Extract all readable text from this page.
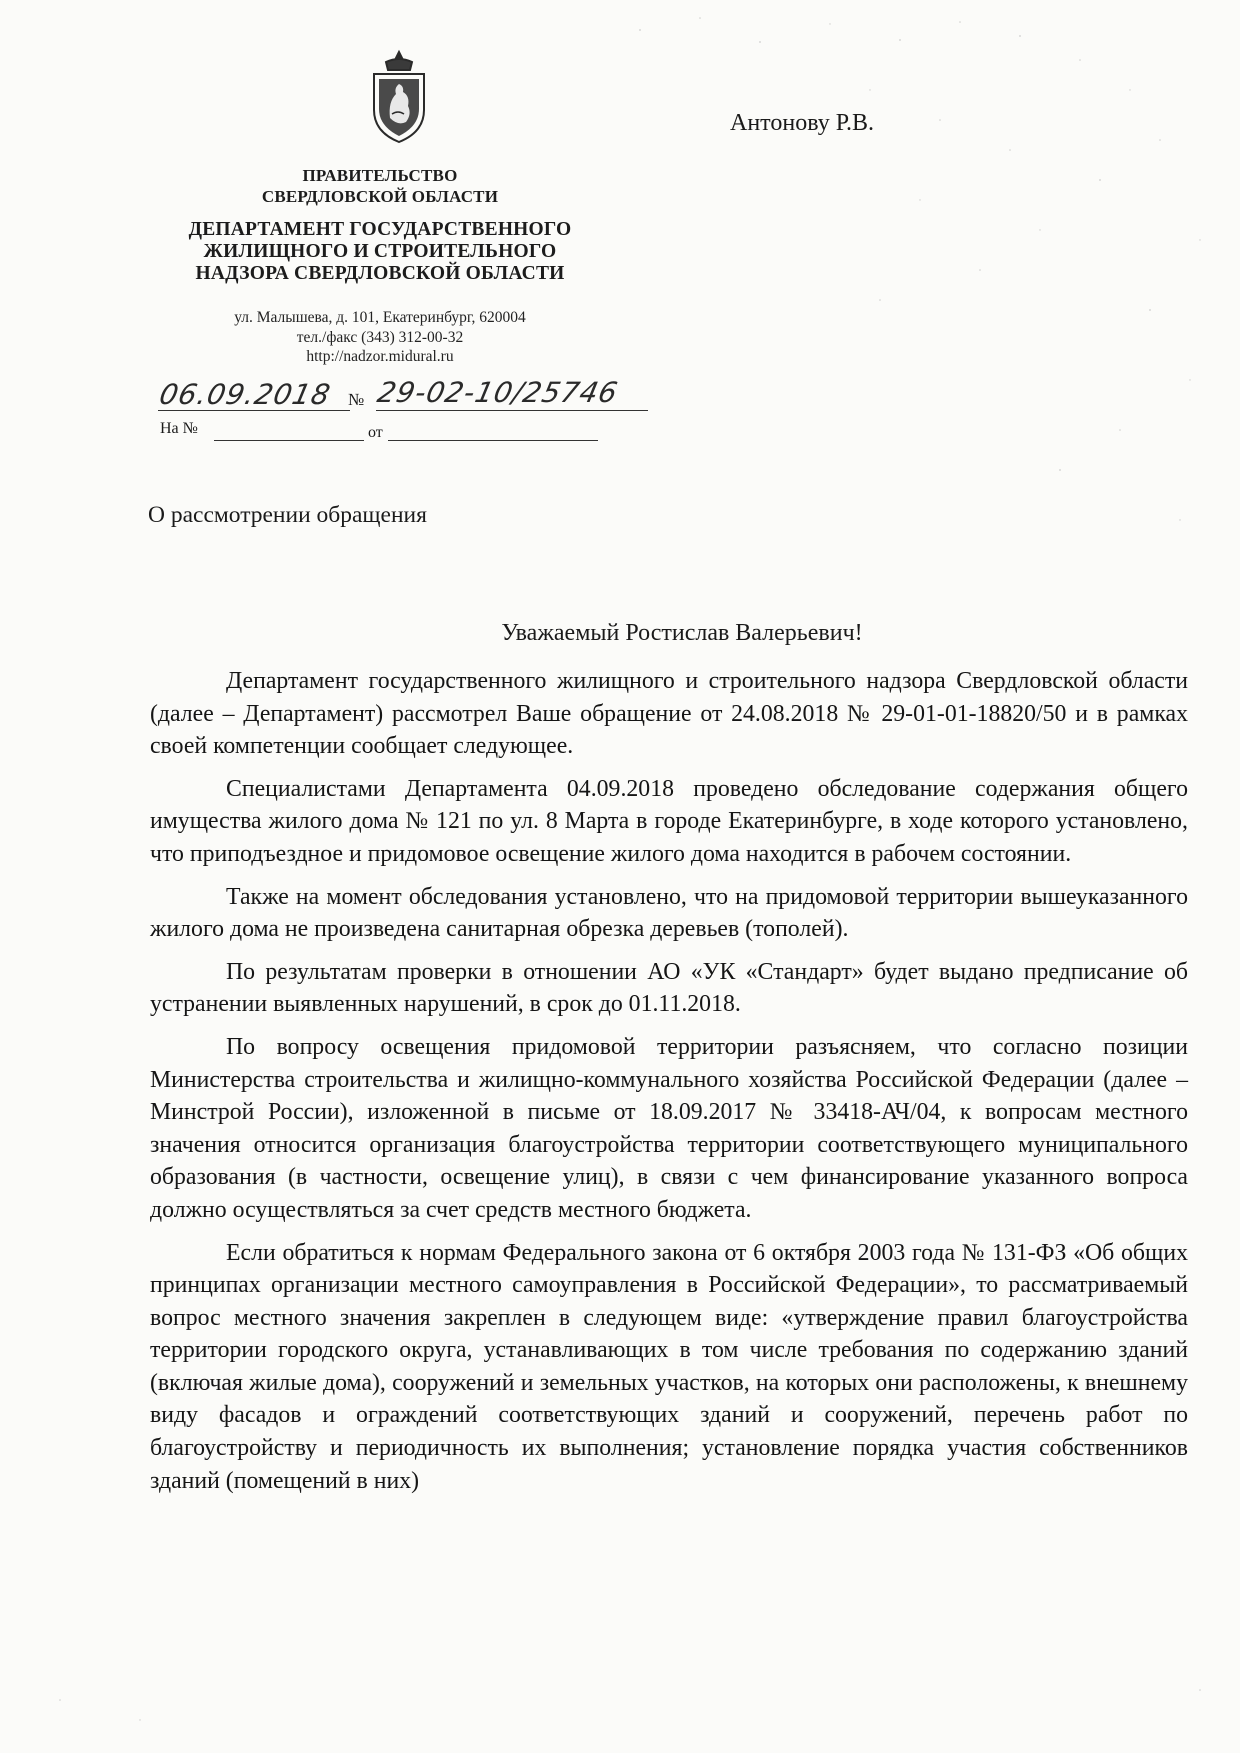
ПРАВИТЕЛЬСТВО
СВЕРДЛОВСКОЙ ОБЛАСТИ
ДЕПАРТАМЕНТ ГОСУДАРСТВЕННОГО
ЖИЛИЩНОГО И СТРОИТЕЛЬНОГО
НАДЗОРА СВЕРДЛОВСКОЙ ОБЛАСТИ
ул. Малышева, д. 101, Екатеринбург, 620004
тел./факс (343) 312-00-32
http://nadzor.midural.ru
06.09.2018 № 29-02-10/25746
На №	от
Антонову Р.В.
О рассмотрении обращения
Уважаемый Ростислав Валерьевич!

Департамент государственного жилищного и строительного надзора Свердловской области (далее – Департамент) рассмотрел Ваше обращение от 24.08.2018 № 29-01-01-18820/50 и в рамках своей компетенции сообщает следующее.

Специалистами Департамента 04.09.2018 проведено обследование содержания общего имущества жилого дома № 121 по ул. 8 Марта в городе Екатеринбурге, в ходе которого установлено, что приподъездное и придомовое освещение жилого дома находится в рабочем состоянии.

Также на момент обследования установлено, что на придомовой территории вышеуказанного жилого дома не произведена санитарная обрезка деревьев (тополей).

По результатам проверки в отношении АО «УК «Стандарт» будет выдано предписание об устранении выявленных нарушений, в срок до 01.11.2018.

По вопросу освещения придомовой территории разъясняем, что согласно позиции Министерства строительства и жилищно-коммунального хозяйства Российской Федерации (далее – Минстрой России), изложенной в письме от 18.09.2017 № 33418-АЧ/04, к вопросам местного значения относится организация благоустройства территории соответствующего муниципального образования (в частности, освещение улиц), в связи с чем финансирование указанного вопроса должно осуществляться за счет средств местного бюджета.

Если обратиться к нормам Федерального закона от 6 октября 2003 года № 131-ФЗ «Об общих принципах организации местного самоуправления в Российской Федерации», то рассматриваемый вопрос местного значения закреплен в следующем виде: «утверждение правил благоустройства территории городского округа, устанавливающих в том числе требования по содержанию зданий (включая жилые дома), сооружений и земельных участков, на которых они расположены, к внешнему виду фасадов и ограждений соответствующих зданий и сооружений, перечень работ по благоустройству и периодичность их выполнения; установление порядка участия собственников зданий (помещений в них)
